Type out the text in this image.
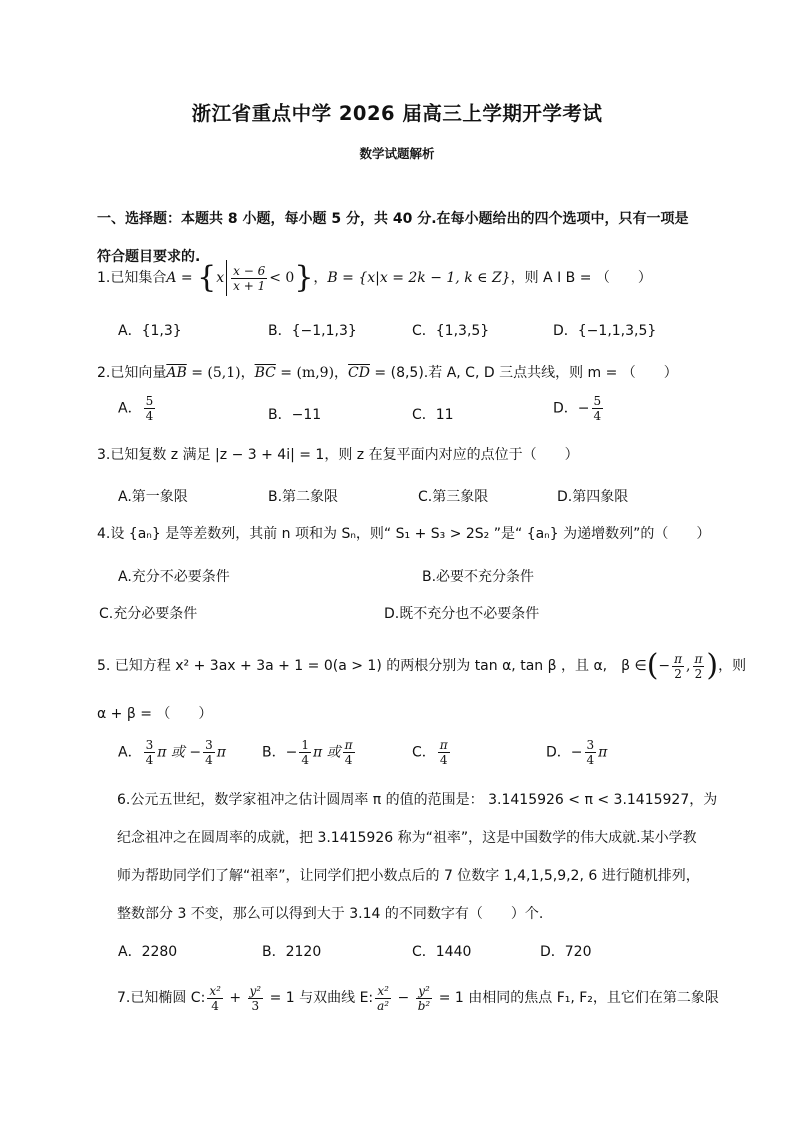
浙江省重点中学 2026 届高三上学期开学考试
数学试题解析
一、选择题：本题共 8 小题，每小题 5 分，共 40 分.在每小题给出的四个选项中，只有一项是
符合题目要求的.
1.已知集合$A = \{x \frac{x - 6}{x + 1} < 0\}$，B = {x|x = 2k − 1, k ∈ Z}，则 A I B = （　　）
A．{1,3}	B．{−1,1,3}	C．{1,3,5}	D．{−1,1,3,5}
2.已知向量$\overline{AB} = (5,1)$，$\overline{BC} = (m,9)$，$\overline{CD} = (8,5)$.若 A, C, D 三点共线，则 m = （　　）
A． $\frac{5}{4}$	B．−11	C．11	D．− $\frac{5}{4}$
3.已知复数 z 满足 |z − 3 + 4i| = 1，则 z 在复平面内对应的点位于（　　）
A.第一象限	B.第二象限	C.第三象限	D.第四象限
4.设 {aₙ} 是等差数列，其前 n 项和为 Sₙ，则“ S₁ + S₃ > 2S₂ ”是“ {aₙ} 为递增数列”的（　　）
A.充分不必要条件	B.必要不充分条件
C.充分必要条件	D.既不充分也不必要条件
5. 已知方程 x² + 3ax + 3a + 1 = 0(a > 1) 的两根分别为 tan α, tan β ，且 α,　β ∈(− $\frac{\pi}{2}$ , $\frac{\pi}{2}$ )，则
α + β = （　　）
A． $\frac{3}{4}$ π 或 − $\frac{3}{4}$ π	B．− $\frac{1}{4}$ π 或 $\frac{\pi}{4}$	C． $\frac{\pi}{4}$	D．− $\frac{3}{4}$ π
6.公元五世纪，数学家祖冲之估计圆周率 π 的值的范围是： 3.1415926 < π < 3.1415927，为
纪念祖冲之在圆周率的成就，把 3.1415926 称为“祖率”，这是中国数学的伟大成就.某小学教
师为帮助同学们了解“祖率”，让同学们把小数点后的 7 位数字 1,4,1,5,9,2, 6 进行随机排列，
整数部分 3 不变，那么可以得到大于 3.14 的不同数字有（　　）个.
A．2280	B．2120	C．1440	D．720
7.已知椭圆 C: $\frac{\text{x²}}{4} + \frac{\text{y²}}{3} = 1$ 与双曲线 E: $\frac{\text{x²}}{\text{a²}} - \frac{\text{y²}}{\text{b²}} = 1$ 由相同的焦点 F₁, F₂，且它们在第二象限
